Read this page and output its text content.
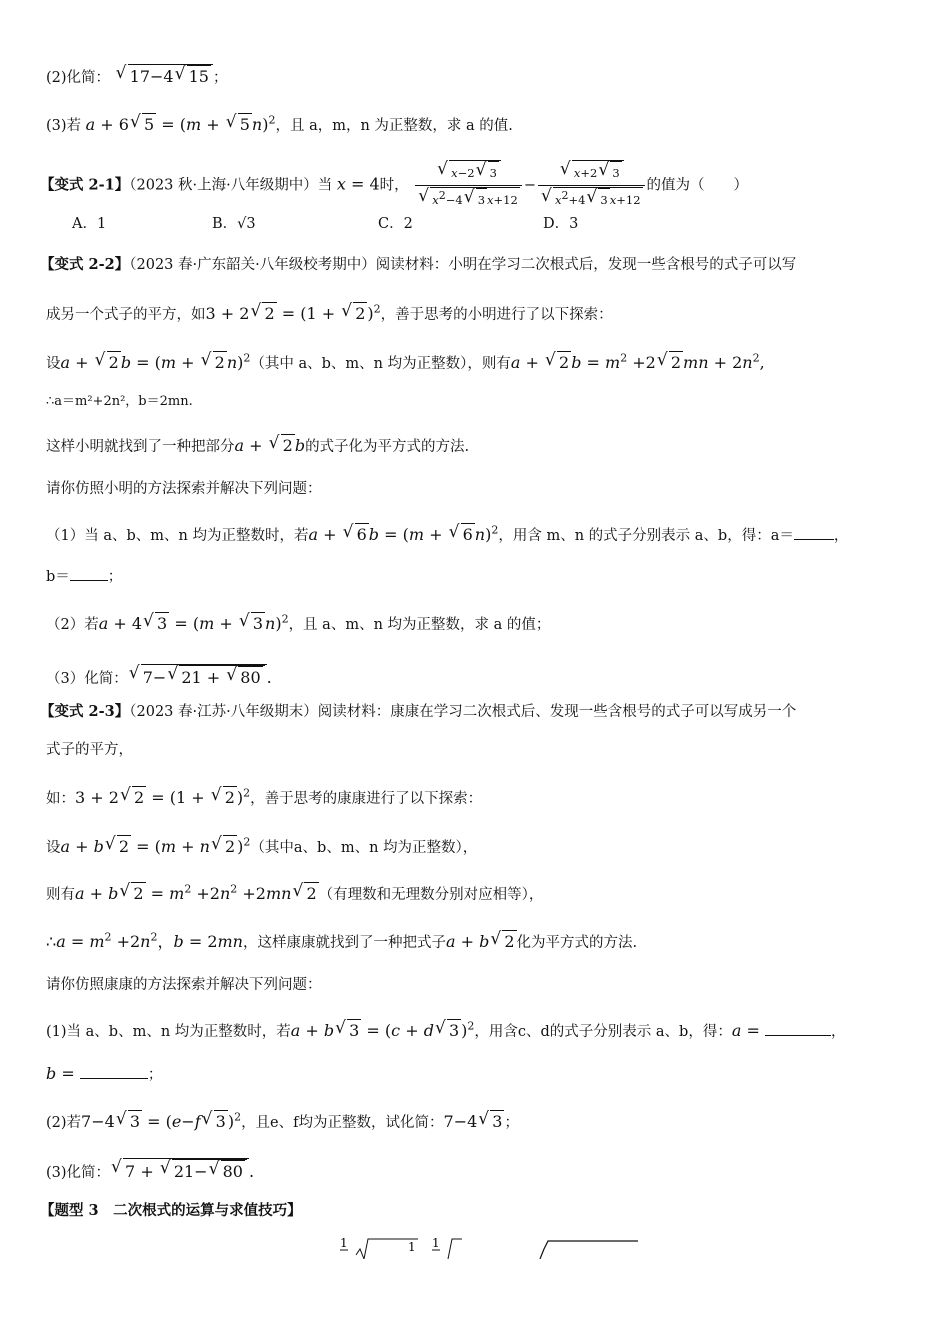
(2)化简： √ 17−4√ 15 ；
(3)若 a + 6√ 5 = (m + √ 5 n)$^2$，且 a，m，n 为正整数，求 a 的值.
【变式 2-1】（2023 秋·上海·八年级期中）当 x = 4时，
√ x−2√ 3
√ $x^2-4√$ 3 x+12 −
√ x+2√ 3
√ $x^2+4√$ 3 x+12 的值为（　　）
A．1	B．√3	C．2	D．3
【变式 2-2】（2023 春·广东韶关·八年级校考期中）阅读材料：小明在学习二次根式后，发现一些含根号的式子可以写
成另一个式子的平方，如3 + 2√ 2 = (1 + √ 2 )$^2$，善于思考的小明进行了以下探索：
设a + √ 2 b = (m + √ 2 n)$^2$（其中 a、b、m、n 均为正整数），则有a + √ 2 $b = m^2 +2√$ 2 mn + $2n^2$,
∴a＝m²+2n²，b＝2mn.
这样小明就找到了一种把部分a + √ 2 b的式子化为平方式的方法.
请你仿照小明的方法探索并解决下列问题：
（1）当 a、b、m、n 均为正整数时，若a + √ 6 b = (m + √ 6 n)$^2$，用含 m、n 的式子分别表示 a、b，得：a＝	，
b＝	；
（2）若a + 4√ 3 = (m + √ 3 n)$^2$，且 a、m、n 均为正整数，求 a 的值；
（3）化简：√ 7−√ 21 + √ 80 .
【变式 2-3】（2023 春·江苏·八年级期末）阅读材料：康康在学习二次根式后、发现一些含根号的式子可以写成另一个
式子的平方，
如：3 + 2√ 2 = (1 + √ 2 )$^2$，善于思考的康康进行了以下探索：
设a + b√ 2 = (m + n√ 2 )$^2$（其中a、b、m、n 均为正整数），
则有a + b√ $2 = m^2 +2n^2 +2mn√$ 2 （有理数和无理数分别对应相等），
∴a = $m^2 +2n^2$，b = 2mn，这样康康就找到了一种把式子a + b√ 2 化为平方式的方法.
请你仿照康康的方法探索并解决下列问题：
(1)当 a、b、m、n 均为正整数时，若a + b√ 3 = (c + d√ 3 )$^2$，用含c、d的式子分别表示 a、b，得：a =	，
b =	；
(2)若7−4√ 3 = (e−f√ 3 )$^2$，且e、f均为正整数，试化简：7−4√ 3 ；
(3)化简：√ 7 + √ 21−√ 80 .
【题型 3　二次根式的运算与求值技巧】
1	1 1
